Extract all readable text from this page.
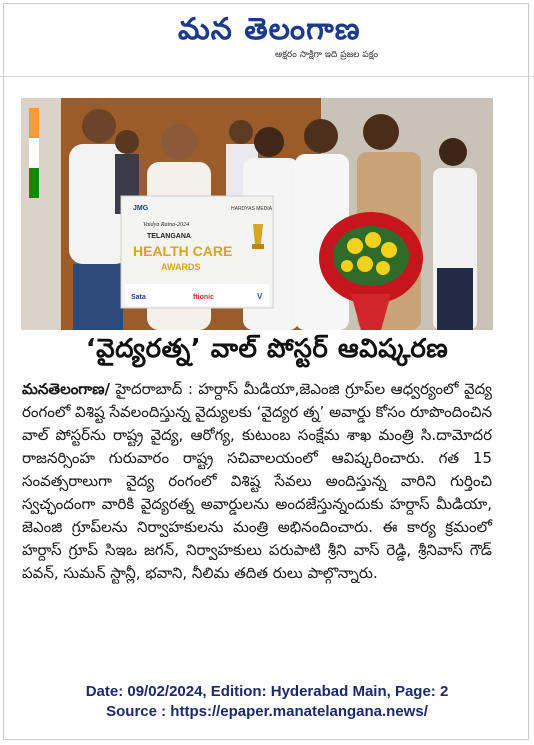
మన తెలంగాణ
అక్షరం సాక్షిగా ఇది ప్రజల పక్షం
JMG	HARDYAS MEDIA
Vaidya Ratna-2024
TELANGANA
HEALTH CARE
AWARDS
Sata	ftionic	V
‘వైద్యరత్న’ వాల్ పోస్టర్ ఆవిష్కరణ
మనతెలంగాణ/ హైదరాబాద్ : హర్దాస్ మీడియా,జెఎంజి గ్రూప్‌ల ఆధ్వర్యంలో వైద్య రంగంలో విశిష్ట సేవలందిస్తున్న వైద్యులకు ‘వైద్యర త్న’ అవార్డు కోసం రూపొందించిన వాల్ పోస్టర్‌ను రాష్ట్ర వైద్య, ఆరోగ్య, కుటుంబ సంక్షేమ శాఖ మంత్రి సి.దామోదర రాజనర్సింహ గురువారం రాష్ట్ర సచివాలయంలో ఆవిష్కరించారు. గత 15 సంవత్సరాలుగా వైద్య రంగంలో విశిష్ట సేవలు అందిస్తున్న వారిని గుర్తించి స్వచ్ఛందంగా వారికి వైద్యరత్న అవార్డులను అందజేస్తున్నందుకు హర్దాస్ మీడియా, జెఎంజి గ్రూప్‌లను నిర్వాహకులను మంత్రి అభినందించారు. ఈ కార్య క్రమంలో హర్దాస్ గ్రూప్ సిఇఒ జగన్, నిర్వాహకులు పరుపాటి శ్రీని వాస్ రెడ్డి, శ్రీనివాస్ గౌడ్ పవన్, సుమన్ స్టాన్లీ, భవాని, నీలిమ తదిత రులు పాల్గొన్నారు.
Date: 09/02/2024, Edition: Hyderabad Main, Page: 2
Source : https://epaper.manatelangana.news/
